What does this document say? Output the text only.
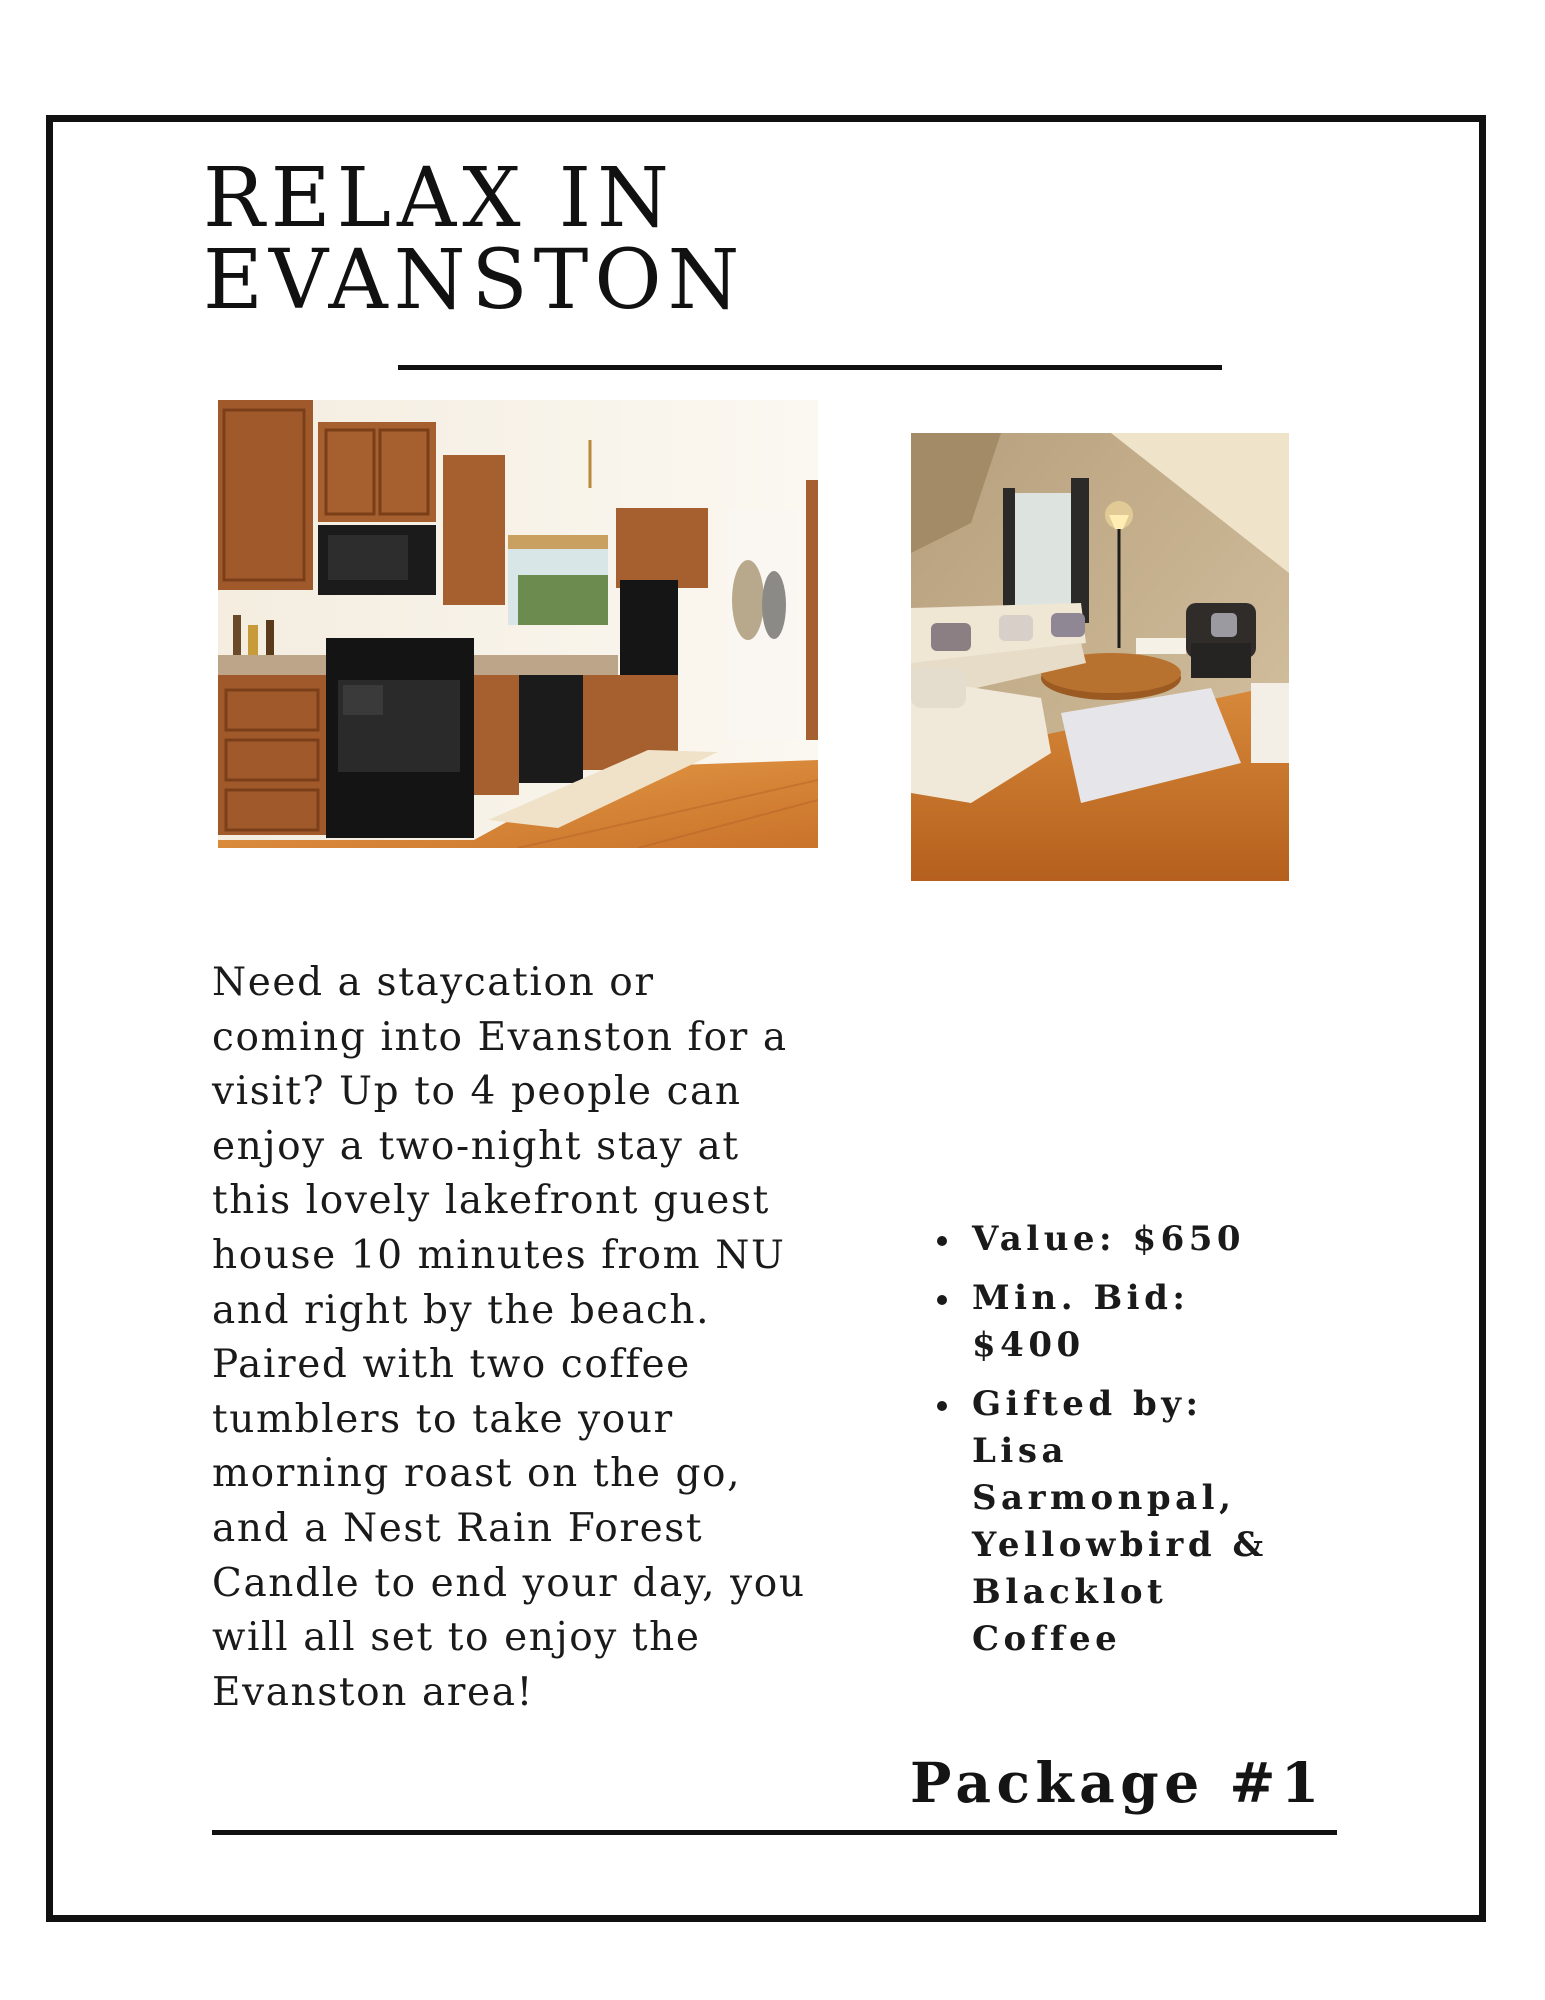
RELAX IN
EVANSTON

Need a staycation or coming into Evanston for a visit? Up to 4 people can enjoy a two-night stay at this lovely lakefront guest house 10 minutes from NU and right by the beach. Paired with two coffee tumblers to take your morning roast on the go, and a Nest Rain Forest Candle to end your day, you will all set to enjoy the Evanston area!

Value: $650
Min. Bid: $400
Gifted by: Lisa Sarmonpal, Yellowbird & Blacklot Coffee

Package #1
